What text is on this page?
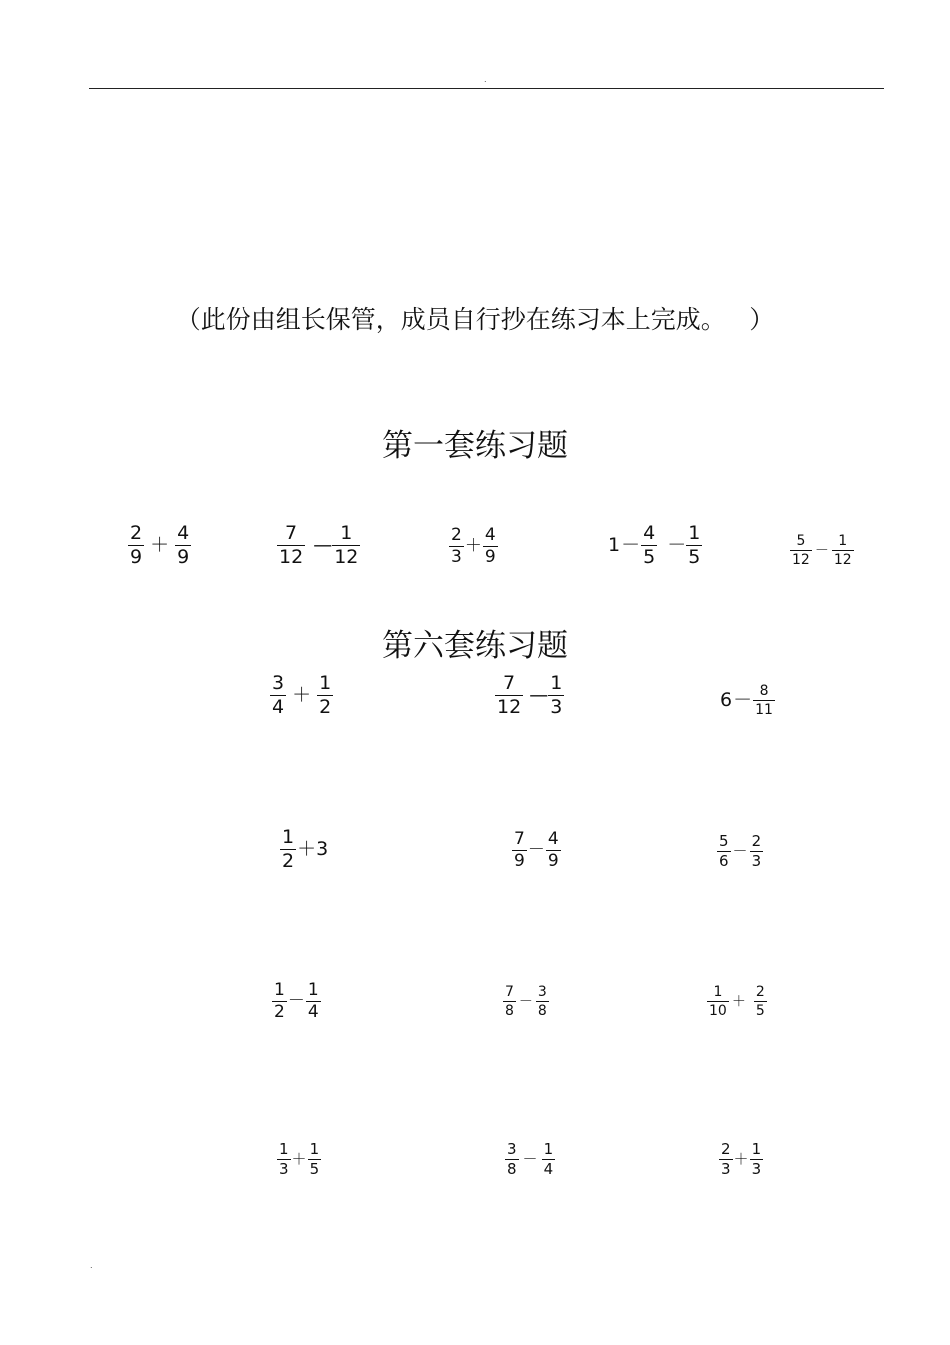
.
（此份由组长保管，成员自行抄在练习本上完成。 ）
第一套练习题
$\frac{2}{9} + \frac{4}{9}$	$\frac{7}{12}$ — $\frac{1}{12}$	$\frac{2}{3} + \frac{4}{9}$	$1 - \frac{4}{5} - \frac{1}{5}$	$\frac{5}{12} - \frac{1}{12}$
第六套练习题
$\frac{3}{4} + \frac{1}{2}$	$\frac{7}{12}$ — $\frac{1}{3}$	$6 - \frac{8}{11}$
$\frac{1}{2} + 3$	$\frac{7}{9} - \frac{4}{9}$	$\frac{5}{6} - \frac{2}{3}$
$\frac{1}{2} - \frac{1}{4}$	$\frac{7}{8} - \frac{3}{8}$	$\frac{1}{10} + \frac{2}{5}$
$\frac{1}{3} + \frac{1}{5}$	$\frac{3}{8} - \frac{1}{4}$	$\frac{2}{3} + \frac{1}{3}$
.
